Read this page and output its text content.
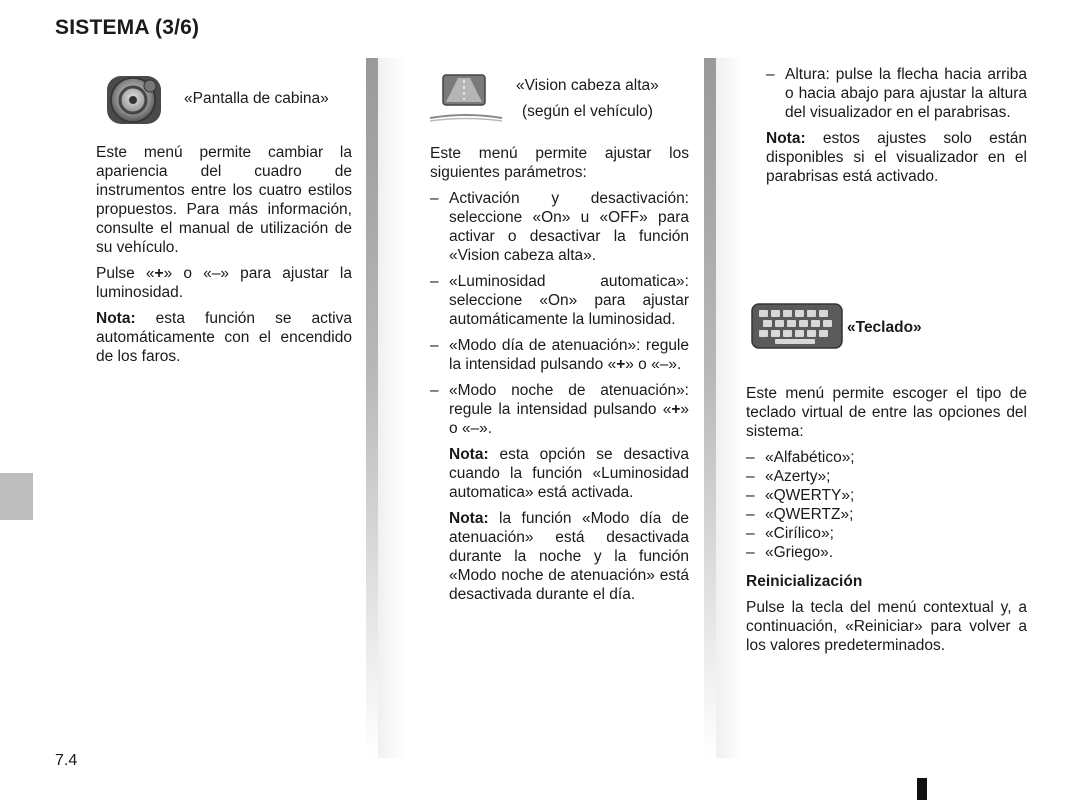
SISTEMA (3/6)
«Pantalla de cabina»

Este menú permite cambiar la apariencia del cuadro de instrumentos entre los cuatro estilos propuestos. Para más información, consulte el manual de utilización de su vehículo.

Pulse «+» o «–» para ajustar la luminosidad.

Nota: esta función se activa automáticamente con el encendido de los faros.

«Vision cabeza alta»
(según el vehículo)

Este menú permite ajustar los siguientes parámetros:

– Activación y desactivación: seleccione «On» u «OFF» para activar o desactivar la función «Vision cabeza alta».
– «Luminosidad automatica»: seleccione «On» para ajustar automáticamente la luminosidad.
– «Modo día de atenuación»: regule la intensidad pulsando «+» o «–».
– «Modo noche de atenuación»: regule la intensidad pulsando «+» o «–».

Nota: esta opción se desactiva cuando la función «Luminosidad automatica» está activada.

Nota: la función «Modo día de atenuación» está desactivada durante la noche y la función «Modo noche de atenuación» está desactivada durante el día.

– Altura: pulse la flecha hacia arriba o hacia abajo para ajustar la altura del visualizador en el parabrisas.

Nota: estos ajustes solo están disponibles si el visualizador en el parabrisas está activado.

«Teclado»

Este menú permite escoger el tipo de teclado virtual de entre las opciones del sistema:

– «Alfabético»;
– «Azerty»;
– «QWERTY»;
– «QWERTZ»;
– «Cirílico»;
– «Griego».

Reinicialización

Pulse la tecla del menú contextual y, a continuación, «Reiniciar» para volver a los valores predeterminados.

7.4
